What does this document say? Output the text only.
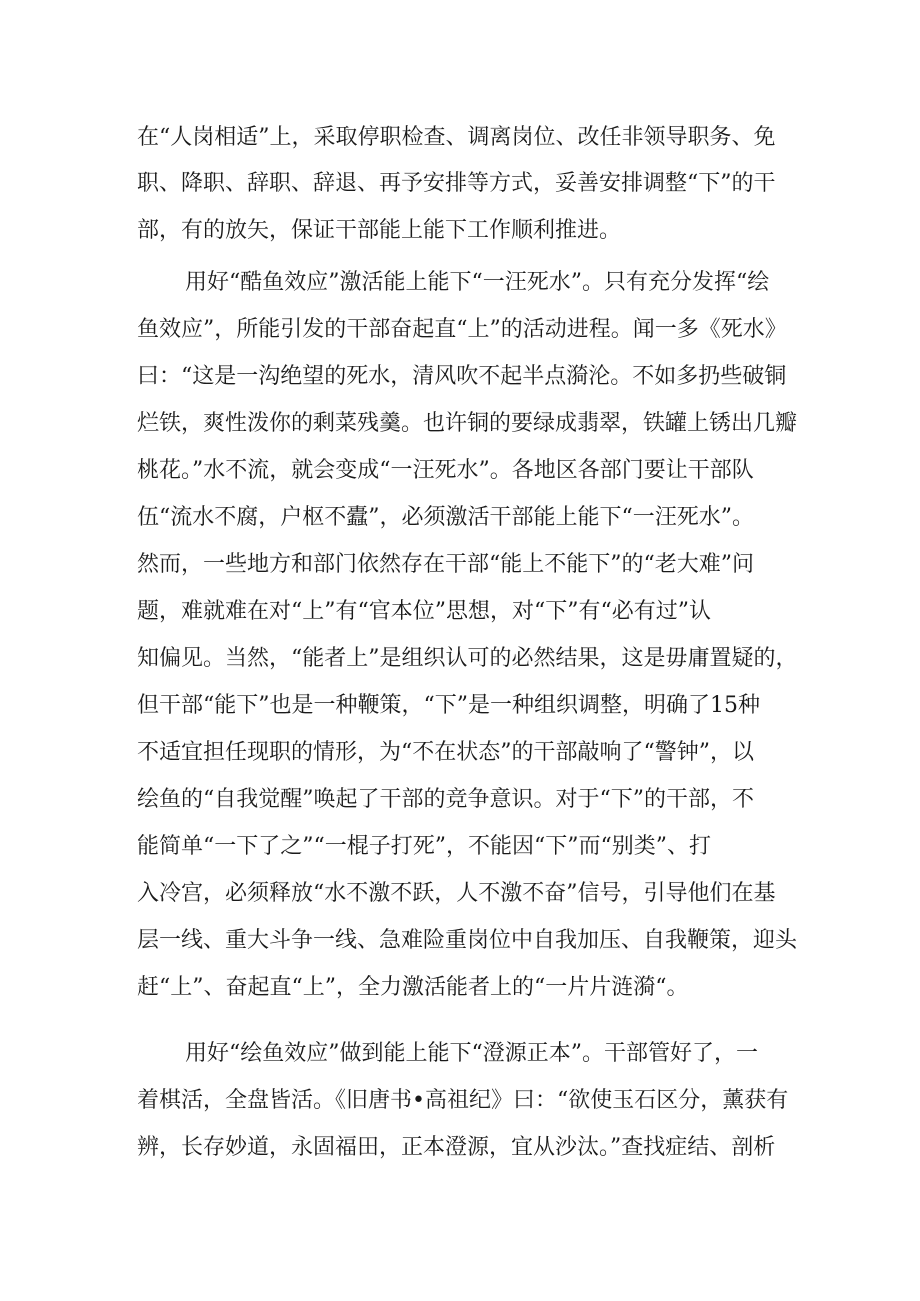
在“人岗相适”上，采取停职检查、调离岗位、改任非领导职务、免
职、降职、辞职、辞退、再予安排等方式，妥善安排调整“下”的干
部，有的放矢，保证干部能上能下工作顺利推进。
用好“酷鱼效应”激活能上能下“一汪死水”。只有充分发挥“绘
鱼效应”，所能引发的干部奋起直“上”的活动进程。闻一多《死水》
曰：“这是一沟绝望的死水，清风吹不起半点漪沦。不如多扔些破铜
烂铁，爽性泼你的剩菜残羹。也许铜的要绿成翡翠，铁罐上锈出几瓣
桃花。”水不流，就会变成“一汪死水”。各地区各部门要让干部队
伍“流水不腐，户枢不蠹”，必须激活干部能上能下“一汪死水”。
然而，一些地方和部门依然存在干部“能上不能下”的“老大难”问
题，难就难在对“上”有“官本位”思想，对“下”有“必有过”认
知偏见。当然，“能者上”是组织认可的必然结果，这是毋庸置疑的，
但干部“能下”也是一种鞭策，“下”是一种组织调整，明确了15种
不适宜担任现职的情形，为“不在状态”的干部敲响了“警钟”，以
绘鱼的“自我觉醒”唤起了干部的竞争意识。对于“下”的干部，不
能简单“一下了之”“一棍子打死”，不能因“下”而“别类”、打
入冷宫，必须释放“水不激不跃，人不激不奋”信号，引导他们在基
层一线、重大斗争一线、急难险重岗位中自我加压、自我鞭策，迎头
赶“上”、奋起直“上”，全力激活能者上的“一片片涟漪“。
用好“绘鱼效应”做到能上能下“澄源正本”。干部管好了，一
着棋活，全盘皆活。《旧唐书•高祖纪》曰：“欲使玉石区分，薰获有
辨，长存妙道，永固福田，正本澄源，宜从沙汰。”查找症结、剖析
